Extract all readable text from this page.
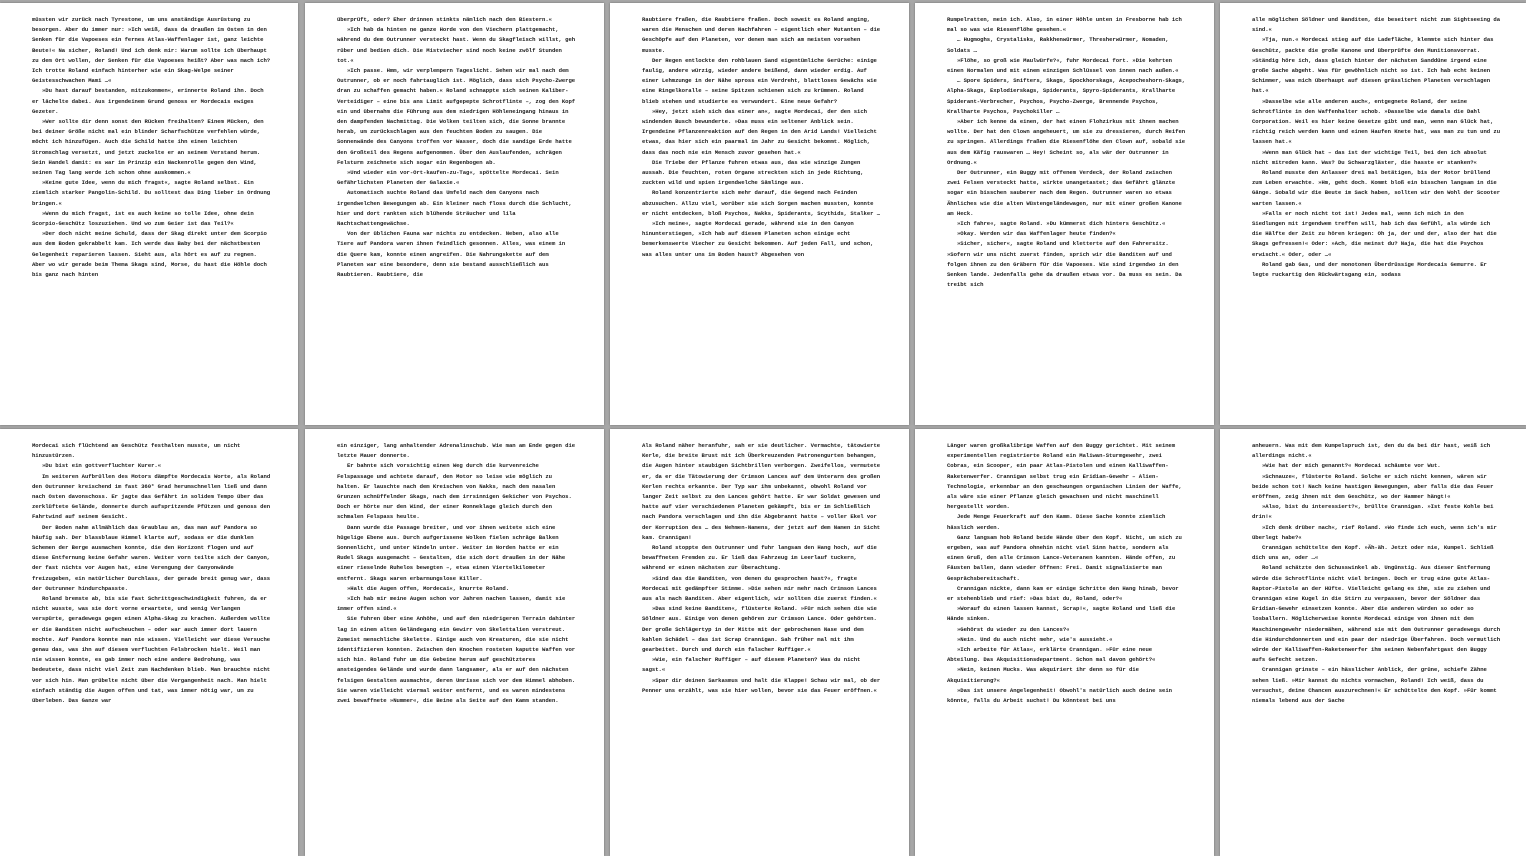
müssten wir zurück nach Tyrestone, um uns anständige Ausrüstung zu besorgen. Aber du immer nur: »Ich weiß, dass da draußen im Osten in den Senken für die Vapoeses ein fernes Atlas-Waffenlager ist, ganz leichte Beute!« Na sicher, Roland! Und ich denk mir: Warum sollte ich überhaupt zu dem Ort wollen, der Senken für die Vapoeses heißt? Aber was mach ich? Ich trotte Roland einfach hinterher wie ein Skag-Welpe seiner Geistesschwachen Mami …«

»Du hast darauf bestanden, mitzukommen«, erinnerte Roland ihn. Doch er lächelte dabei. Aus irgendeinem Grund genoss er Mordecais ewiges Gezeter.

»Wer sollte dir denn sonst den Rücken freihalten? Einem Mücken, den bei deiner Größe nicht mal ein blinder Scharfschütze verfehlen würde, möcht ich hinzufügen. Auch die Schild hatte ihn einen leichten Stromschlag versetzt, und jetzt zuckelte er an seinem Verstand herum. Sein Handel damit: es war im Prinzip ein Nackenrolle gegen den Wind, seinen Tag lang werde ich schon ohne auskommen.«

»Keine gute Idee, wenn du mich fragst«, sagte Roland selbst. Ein ziemlich starker Pangolin-Schild. Du solltest das Ding lieber in Ordnung bringen.«

»Wenn du mich fragst, ist es auch keine so tolle Idee, ohne dein Scorpio-Geschütz loszuziehen. Und wo zum Geier ist das Teil?«

»Der doch nicht meine Schuld, dass der Skag direkt unter dem Scorpio aus dem Boden gekrabbelt kam. Ich werde das Baby bei der nächstbesten Gelegenheit reparieren lassen. Sieht aus, als hört es auf zu regnen. Aber wo wir gerade beim Thema Skags sind, Morse, du hast die Höhle doch bis ganz nach hinten

überprüft, oder? Eher drinnen stinkts nämlich nach den Biestern.«

»Ich hab da hinten ne ganze Horde von den Viechern plattgemacht, während du dem Outrunner versteckt hast. Wenn du Skagfleisch willst, geh rüber und bedien dich. Die Mistviecher sind noch keine zwölf Stunden tot.«

»Ich passe. Hmm, wir verplempern Tageslicht. Sehen wir mal nach dem Outrunner, ob er noch fahrtauglich ist. Möglich, dass sich Psycho-Zwerge dran zu schaffen gemacht haben.« Roland schnappte sich seinen Kaliber-Verteidiger – eine bis ans Limit aufgepepte Schrotflinte –, zog den Kopf ein und übernahm die Führung aus dem niedrigen Höhleneingang hinaus in den dampfenden Nachmittag. Die Wolken teilten sich, die Sonne brannte herab, um zurückschlagen aus den feuchten Boden zu saugen. Die Sonnenwände des Canyons troffen vor Wasser, doch die sandige Erde hatte den Großteil des Regens aufgenommen. Über den Auslaufenden, schrägen Felsturm zeichnete sich sogar ein Regenbogen ab.

»Und wieder ein vor-Ort-kaufen-zu-Tag«, spöttelte Mordecai. Sein Gefährlichsten Planeten der Galaxie.«

Automatisch suchte Roland das Umfeld nach dem Canyons nach irgendwelchen Bewegungen ab. Ein kleiner nach floss durch die Schlucht, hier und dort rankten sich blühende Sträucher und lila Nachtschattengewächse.

Von der üblichen Fauna war nichts zu entdecken. Neben, also alle Tiere auf Pandora waren ihnen feindlich gesonnen. Alles, was einem in die Quere kam, konnte einen angreifen. Die Nahrungskette auf dem Planeten war eine besondere, denn sie bestand ausschließlich aus Raubtieren. Raubtiere, die

Raubtiere fraßen, die Raubtiere fraßen. Doch soweit es Roland anging, waren die Menschen und deren Nachfahren – eigentlich eher Mutanten – die Geschöpfe auf den Planeten, vor denen man sich am meisten vorsehen musste.

Der Regen entlockte den rohblauen Sand eigentümliche Gerüche: einige faulig, andere würzig, wieder andere beißend, dann wieder erdig. Auf einer Lehmzunge in der Nähe spross ein Verdreht, blattloses Gewächs wie eine Ringelkoralle – seine Spitzen schienen sich zu krümmen. Roland blieb stehen und studierte es verwundert. Eine neue Gefahr?

»Hey, jetzt sieh sich das einer an«, sagte Mordecai, der den sich windenden Busch bewunderte. »Das muss ein seltener Anblick sein. Irgendeine Pflanzenreaktion auf den Regen in den Arid Lands! Vielleicht etwas, das hier sich ein paarmal im Jahr zu Gesicht bekommt. Möglich, dass das noch nie ein Mensch zuvor gesehen hat.«

Die Triebe der Pflanze fuhren etwas aus, das wie winzige Zungen aussah. Die feuchten, roten Organe streckten sich in jede Richtung, zuckten wild und spien irgendwelche Sämlinge aus.

Roland konzentrierte sich mehr darauf, die Gegend nach Feinden abzusuchen. Allzu viel, worüber sie sich Sorgen machen mussten, konnte er nicht entdecken, bloß Psychos, Nakks, Spiderants, Scythids, Stalker …

»Ich meine«, sagte Mordecai gerade, während sie in den Canyon hinunterstiegen, »Ich hab auf diesem Planeten schon einige echt bemerkenswerte Viecher zu Gesicht bekommen. Auf jeden Fall, und schon, was alles unter uns im Boden haust? Abgesehen von

Rumpelratten, mein ich. Also, in einer Höhle unten in Fresborne hab ich mal so was wie Riesenflöhe gesehen.«

… Hugmoghs, Crystalisks, Rakkhenwürmer, Thresherwürmer, Nomaden, Soldats …

»Flöhe, so groß wie Maulwürfe?«, fuhr Mordecai fort. »Die kehrten einen Normalen und mit einem einzigen Schlüssel von innen nach außen.«

… Spore Spiders, Snifters, Skags, Spockhorskags, Acepocheshorn-Skags, Alpha-Skags, Explodierskags, Spiderants, Spyro-Spiderants, Krallharte Spiderant-Verbrecher, Psychos, Psycho-Zwerge, Brennende Psychos, Krallharte Psychos, Psychokiller …

»Aber ich kenne da einen, der hat einen Flohzirkus mit ihnen machen wollte. Der hat den Clown angeheuert, um sie zu dressieren, durch Reifen zu springen. Allerdings fraßen die Riesenflöhe den Clown auf, sobald sie aus dem Käfig rauswaren … Hey! Scheint so, als wär der Outrunner in Ordnung.«

Der Outrunner, ein Buggy mit offenem Verdeck, der Roland zwischen zwei Felsen versteckt hatte, wirkte unangetastet; das Gefährt glänzte sogar ein bisschen sauberer nach dem Regen. Outrunner waren so etwas Ähnliches wie die alten Wüstengeländewagen, nur mit einer großen Kanone am Heck.

»Ich fahre«, sagte Roland. »Du kümmerst dich hinters Geschütz.«

»Okay. Werden wir das Waffenlager heute finden?«

»Sicher, sicher«, sagte Roland und kletterte auf den Fahrersitz. »Sofern wir uns nicht zuerst finden, sprich wir die Banditen auf und folgen ihnen zu den Gräbern für die Vapoeses. Wie sind irgendwo in den Senken lande. Jedenfalls gehe da draußen etwas vor. Da muss es sein. Da treibt sich

alle möglichen Söldner und Banditen, die beseitert nicht zum Sightseeing da sind.«

»Tja, nun.« Mordecai stieg auf die Ladefläche, klemmte sich hinter das Geschütz, packte die große Kanone und überprüfte den Munitionsvorrat. »Ständig höre ich, dass gleich hinter der nächsten Sanddüne irgend eine große Sache abgeht. Was für gewöhnlich nicht so ist. Ich hab echt keinen Schimmer, was mich überhaupt auf diesen grässlichen Planeten verschlagen hat.«

»Dasselbe wie alle anderen auch«, entgegnete Roland, der seine Schrotflinte in den Waffenhalter schob. »Dasselbe wie damals die Dahl Corporation. Weil es hier keine Gesetze gibt und man, wenn man Glück hat, richtig reich werden kann und einen Haufen Knete hat, was man zu tun und zu lassen hat.«

»Wenn man Glück hat – das ist der wichtige Teil, bei den ich absolut nicht mitreden kann. Was? Du Schwarzgläster, die hasste er stanken?«

Roland musste den Anlasser drei mal betätigen, bis der Motor brüllend zum Leben erwachte. »Hm, geht doch. Kommt bloß ein bisschen langsam in die Gänge. Sobald wir die Beute im Sack haben, sollten wir den Wohl der Scooter warten lassen.«

»Falls er noch nicht tot ist! Jedes mal, wenn ich mich in den Siedlungen mit irgendwem treffen will, hab ich das Gefühl, als würde ich die Hälfte der Zeit zu hören kriegen: Oh ja, der und der, also der hat die Skags gefressen!« Oder: »Ach, die meinst du? Naja, die hat die Psychos erwischt.« Oder, oder …«

Roland gab Gas, und der monotonen Überdrüssige Mordecais Gemurre. Er legte ruckartig den Rückwärtsgang ein, sodass

Mordecai sich flüchtend am Geschütz festhalten musste, um nicht hinzustürzen.

»Du bist ein gottverfluchter Kurer.«

Im weiteren Aufbrüllen des Motors dämpfte Mordecais Worte, als Roland den Outrunner kreischend im fast 360° Grad herumschnellen ließ und dann nach Osten davonschoss. Er jagte das Gefährt in solidem Tempo über das zerklüftete Gelände, donnerte durch aufspritzende Pfützen und genoss den Fahrtwind auf seinem Gesicht.

Der Boden nahm allmählich das Graublau an, das man auf Pandora so häufig sah. Der blassblaue Himmel klarte auf, sodass er die dunklen Schemen der Berge ausmachen konnte, die den Horizont flogen und auf diese Entfernung keine Gefahr waren. Weiter vorn teilte sich der Canyon, der fast nichts vor Augen hat, eine Verengung der Canyonwände freizugeben, ein natürlicher Durchlass, der gerade breit genug war, dass der Outrunner hindurchpasste.

Roland bremste ab, bis sie fast Schrittgeschwindigkeit fuhren, da er nicht wusste, was sie dort vorne erwartete, und wenig Verlangen verspürte, geradewegs gegen einen Alpha-Skag zu krachen. Außerdem wollte er die Banditen nicht aufscheuchen – oder war auch immer dort lauern mochte. Auf Pandora konnte man nie wissen. Vielleicht war diese Versuche genau das, was ihn auf diesem verfluchten Felsbrocken hielt. Weil man nie wissen konnte, es gab immer noch eine andere Bedrohung, was bedeutete, dass nicht viel Zeit zum Nachdenken blieb. Man brauchte nicht vor sich hin. Man grübelte nicht über die Vergangenheit nach. Man hielt einfach ständig die Augen offen und tat, was immer nötig war, um zu überleben. Das Ganze war

ein einziger, lang anhaltender Adrenalinschub. Wie man am Ende gegen die letzte Mauer donnerte.

Er bahnte sich vorsichtig einen Weg durch die kurvenreiche Felspassage und achtete darauf, den Motor so leise wie möglich zu halten. Er lauschte nach dem Kreischen von Nakks, nach dem nasalen Grunzen schnüffelnder Skags, nach dem irrsinnigen Gekicher von Psychos. Doch er hörte nur den Wind, der einer Ronneklage gleich durch den schmalen Felspass heulte.

Dann wurde die Passage breiter, und vor ihnen weitete sich eine hügelige Ebene aus. Durch aufgerissene Wolken fielen schräge Balken Sonnenlicht, und unter Windeln unter. Weiter im Norden hatte er ein Rudel Skags ausgemacht – Gestalten, die sich dort draußen in der Nähe einer rieselnde Ruhelos bewegten –, etwa einen Viertelkilometer entfernt. Skags waren erbarmungslose Killer.

»Halt die Augen offen, Mordecai«, knurrte Roland.

»Ich hab mir meine Augen schon vor Jahren nachen lassen, damit sie immer offen sind.«

Sie fuhren über eine Anhöhe, und auf den niedrigeren Terrain dahinter lag in einem alten Geländegang ein Gewirr von Skelettalien verstreut. Zumeist menschliche Skelette. Einige auch von Kreaturen, die sie nicht identifizieren konnten. Zwischen den Knochen rosteten kaputte Waffen vor sich hin. Roland fuhr um die Gebeine herum auf geschützteres ansteigendes Gelände und wurde dann langsamer, als er auf den nächsten felsigen Gestalten ausmachte, deren Umrisse sich vor dem Himmel abhoben. Sie waren vielleicht viermal weiter entfernt, und es waren mindestens zwei bewaffnete »Nummer«, die Beine als Seite auf den Kamm standen.

Als Roland näher heranfuhr, sah er sie deutlicher. Vermachte, tätowierte Kerle, die breite Brust mit ich Überkreuzenden Patronengurten behangen, die Augen hinter staubigen Sichtbrillen verborgen. Zweifellos, vermutete er, da er die Tätowierung der Crimson Lances auf dem Unterarm des großen Kerlen rechts erkannte. Der Typ war ihm unbekannt, obwohl Roland vor langer Zeit selbst zu den Lances gehört hatte. Er war Soldat gewesen und hatte auf vier verschiedenen Planeten gekämpft, bis er im Schließlich nach Pandora verschlagen und ihn die Abgebrannt hatte – voller Ekel vor der Korruption des … des Nehmen-Namens, der jetzt auf dem Namen in Sicht kam. Crannigan!

Roland stoppte den Outrunner und fuhr langsam den Hang hoch, auf die bewaffneten Fremden zu. Er ließ das Fahrzeug im Leerlauf tuckern, während er einen nächsten zur Überachtung.

»Sind das die Banditen, von denen du gesprochen hast?«, fragte Mordecai mit gedämpfter Stimme. »Die sehen mir mehr nach Crimson Lances aus als nach Banditen. Aber eigentlich, wir sollten die zuerst finden.«

»Das sind keine Banditen«, flüsterte Roland. »Für mich sehen die wie Söldner aus. Einige von denen gehören zur Crimson Lance. Oder gehörten. Der große Schlägertyp in der Mitte mit der gebrochenen Nase und dem kahlen Schädel – das ist Scrap Crannigan. Sah früher mal mit ihm gearbeitet. Durch und durch ein falscher Ruffiger.«

»Wie, ein falscher Ruffiger – auf diesem Planeten? Was du nicht sagst.«

»Spar dir deinen Sarkasmus und halt die Klappe! Schau wir mal, ob der Penner uns erzählt, was sie hier wollen, bevor sie das Feuer eröffnen.«

Länger waren großkalibrige Waffen auf den Buggy gerichtet. Mit seinem experimentellen registrierte Roland ein Maliwan-Sturmgewehr, zwei Cobras, ein Scooper, ein paar Atlas-Pistolen und einen Kalliwaffen-Raketenwerfer. Crannigan selbst trug ein Eridian-Gewehr – Alien-Technologie, erkennbar an den geschwungen organischen Linien der Waffe, als wäre sie einer Pflanze gleich gewachsen und nicht maschinell hergestellt worden.

Jede Menge Feuerkraft auf den Kamm. Diese Sache konnte ziemlich hässlich werden.

Ganz langsam hob Roland beide Hände über den Kopf. Nicht, um sich zu ergeben, was auf Pandora ohnehin nicht viel Sinn hatte, sondern als einen Gruß, den alle Crimson Lance-Veteranen kannten. Hände offen, zu Fäusten ballen, dann wieder öffnen: Frei. Damit signalisierte man Gesprächsbereitschaft.

Crannigan nickte, dann kam er einige Schritte den Hang hinab, bevor er stehenblieb und rief: »Das bist du, Roland, oder?«

»Worauf du einen lassen kannst, Scrap!«, sagte Roland und ließ die Hände sinken.

»Gehörst du wieder zu den Lances?«

»Nein. Und du auch nicht mehr, wie's aussieht.«

»Ich arbeite für Atlas«, erklärte Crannigan. »Für eine neue Abteilung. Das Akquisitionsdepartment. Schon mal davon gehört?«

»Nein, keinen Mucks. Was akquiriert ihr denn so für die Akquisitierung?«

»Das ist unsere Angelegenheit! Obwohl's natürlich auch deine sein könnte, falls du Arbeit suchst! Du könntest bei uns

anheuern. Was mit dem Kumpelspruch ist, den du da bei dir hast, weiß ich allerdings nicht.«

»Wie hat der mich genannt?« Mordecai schäumte vor Wut.

»Schnauze«, flüsterte Roland. Solche er sich nicht kennen, wären wir beide schon tot! Nach keine hastigen Bewegungen, aber falls die das Feuer eröffnen, zeig ihnen mit dem Geschütz, wo der Hammer hängt!«

»Also, bist du interessiert?«, brüllte Crannigan. »Ist feste Kohle bei drin!«

»Ich denk drüber nach«, rief Roland. »Wo finde ich euch, wenn ich's mir überlegt habe?«

Crannigan schüttelte den Kopf. »Äh-äh. Jetzt oder nie, Kumpel. Schließ dich uns an, oder …«

Roland schätzte den Schusswinkel ab. Ungünstig. Aus dieser Entfernung würde die Schrotflinte nicht viel bringen. Doch er trug eine gute Atlas-Raptor-Pistole an der Hüfte. Vielleicht gelang es ihm, sie zu ziehen und Crannigan eine Kugel in die Stirn zu verpassen, bevor der Söldner das Eridian-Gewehr einsetzen konnte. Aber die anderen würden so oder so losballern. Möglicherweise konnte Mordecai einige von ihnen mit dem Maschinengewehr niedermähen, während sie mit dem Outrunner geradewegs durch die Hindurchdonnerten und ein paar der niedrige Überfahren. Doch vermutlich würde der Kalliwaffen-Raketenwerfer ihm seinen Nebenfahrtgast den Buggy aufs Gefecht setzen.

Crannigan grinste – ein hässlicher Anblick, der grüne, schiefe Zähne sehen ließ. »Mir kannst du nichts vormachen, Roland! Ich weiß, dass du versuchst, deine Chancen auszurechnen!« Er schüttelte den Kopf. »Für kommt niemals lebend aus der Sache
